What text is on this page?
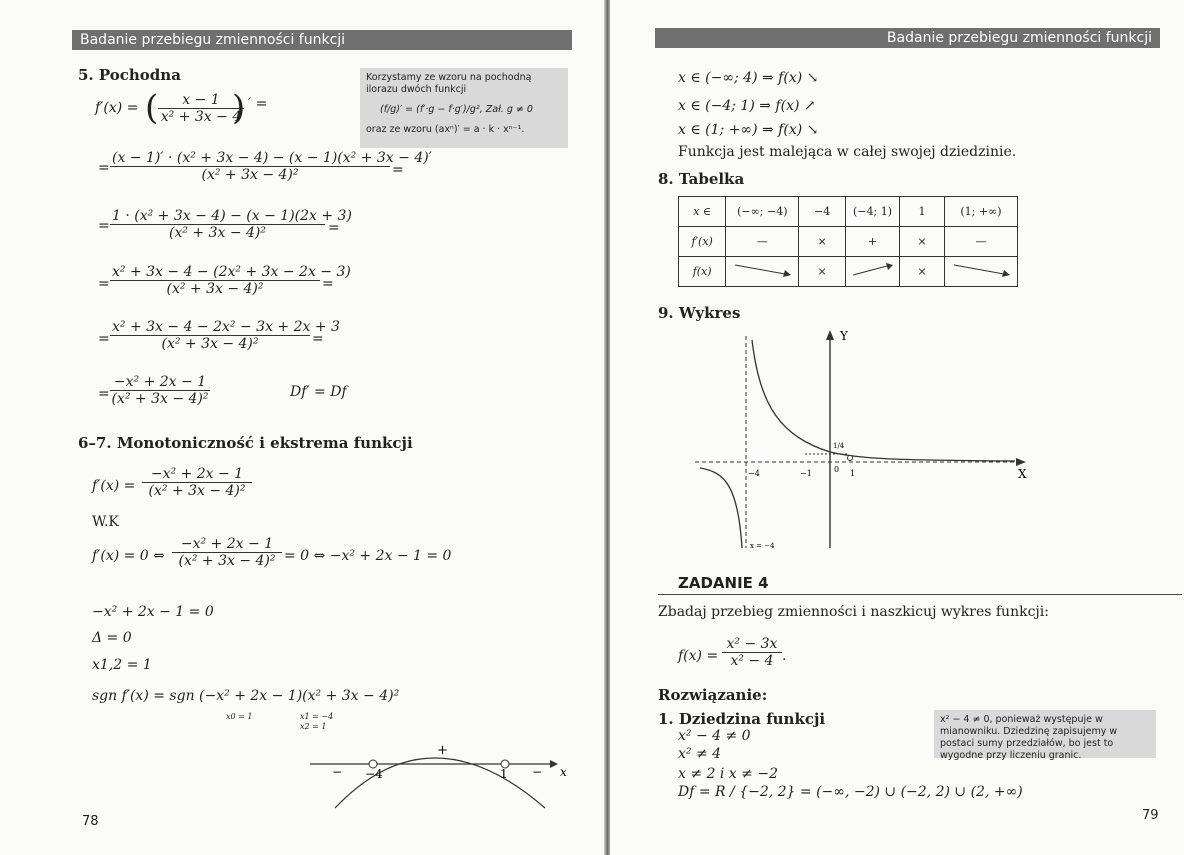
Badanie przebiegu zmienności funkcji
5. Pochodna	Korzystamy ze wzoru na pochodną ilorazu dwóch funkcji
(f/g)′ = (f′·g − f·g′)/g², Zał. g ≠ 0
oraz ze wzoru (axⁿ)′ = a · k · xⁿ⁻¹.
f′(x) = ( $\frac{x - 1}{\text{x² + 3x − 4}}$
) ′ =
= $\frac{\text{(x − 1)′ · (x² + 3x − 4) − (x − 1)(x² + 3x − 4)′}}{\text{(x² + 3x − 4)²}}$ =
= $\frac{\text{1 · (x² + 3x − 4) − (x − 1)(2x + 3)}}{\text{(x² + 3x − 4)²}}$ =
= $\frac{\text{x² + 3x − 4 − (2x² + 3x − 2x − 3)}}{\text{(x² + 3x − 4)²}}$ =
= $\frac{\text{x² + 3x − 4 − 2x² − 3x + 2x + 3}}{\text{(x² + 3x − 4)²}}$ =
= $\frac{\text{−x² + 2x − 1}}{\text{(x² + 3x − 4)²}}$	Df′ = Df
6–7. Monotoniczność i ekstrema funkcji
$f'(x) = \frac{\text{−x² + 2x − 1}}{\text{(x² + 3x − 4)²}}$
W.K
f′(x) = 0 ⇔ $\frac{\text{−x² + 2x − 1}}{\text{(x² + 3x − 4)²}} = 0$ ⇔ −x² + 2x − 1 = 0
−x² + 2x − 1 = 0
Δ = 0
x1,2 = 1
sgn f′(x) = sgn (−x² + 2x − 1)(x² + 3x − 4)²
x0 = 1	x1 = −4
x2 = 1
− −4
+
1 − x
78
Badanie przebiegu zmienności funkcji
x ∈ (−∞; 4) ⇒ f(x) ↘
x ∈ (−4; 1) ⇒ f(x) ↗
x ∈ (1; +∞) ⇒ f(x) ↘
Funkcja jest malejąca w całej swojej dziedzinie.
8. Tabelka
x ∈	(−∞; −4)	−4	(−4; 1)	1	(1; +∞)
f′(x)	—	×	+	×	—
f(x)		×		×	
9. Wykres
Y
X
−4	−1	0 1
1/4
x = −4
ZADANIE 4
Zbadaj przebieg zmienności i naszkicuj wykres funkcji:
$f(x) = \frac{\text{x² − 3x}}{\text{x² − 4}}$ .
Rozwiązanie:
1. Dziedzina funkcji
x² − 4 ≠ 0
x² ≠ 4
x ≠ 2 i x ≠ −2
Df = R / {−2, 2} = (−∞, −2) ∪ (−2, 2) ∪ (2, +∞)
x² − 4 ≠ 0, ponieważ występuje w mianowniku. Dziedzinę zapisujemy w postaci sumy przedziałów, bo jest to wygodne przy liczeniu granic.
79
